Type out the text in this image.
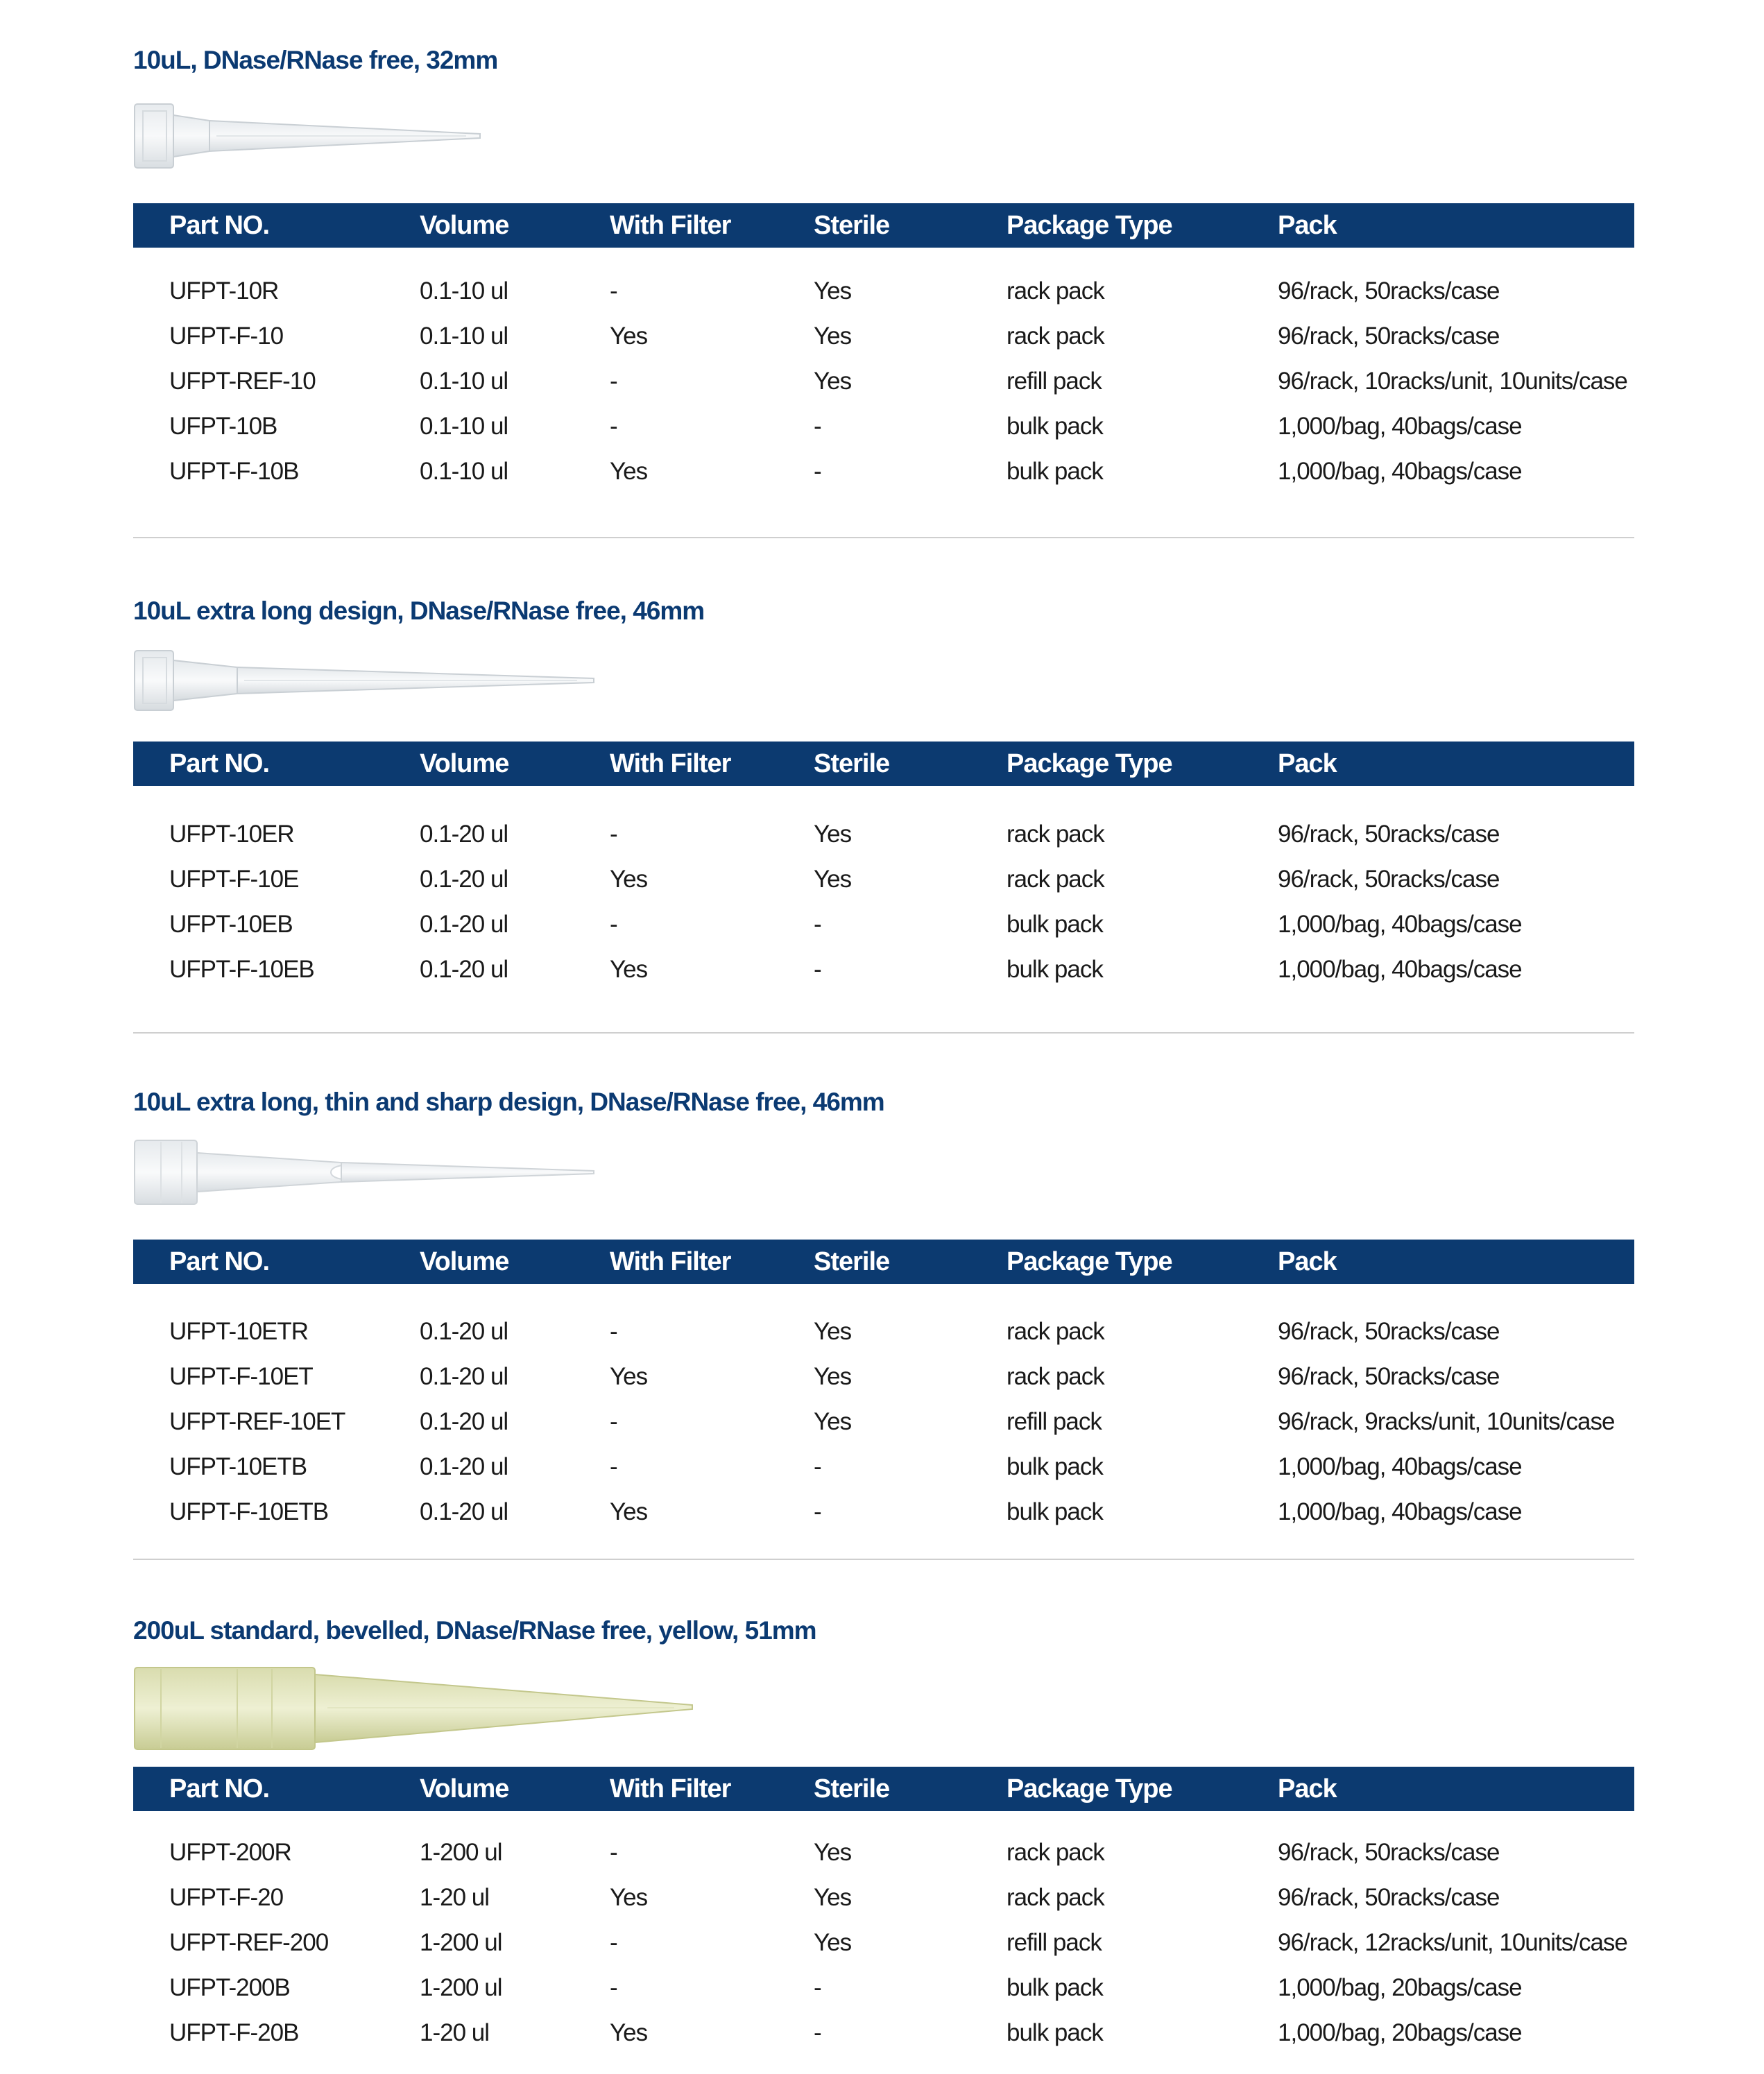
10uL, DNase/RNase free, 32mm
Part NO.	Volume	With Filter	Sterile	Package Type	Pack
UFPT-10R	0.1-10 ul	-	Yes	rack pack	96/rack, 50racks/case
UFPT-F-10	0.1-10 ul	Yes	Yes	rack pack	96/rack, 50racks/case
UFPT-REF-10	0.1-10 ul	-	Yes	refill pack	96/rack, 10racks/unit, 10units/case
UFPT-10B	0.1-10 ul	-	-	bulk pack	1,000/bag, 40bags/case
UFPT-F-10B	0.1-10 ul	Yes	-	bulk pack	1,000/bag, 40bags/case
10uL extra long design, DNase/RNase free, 46mm
Part NO.	Volume	With Filter	Sterile	Package Type	Pack
UFPT-10ER	0.1-20 ul	-	Yes	rack pack	96/rack, 50racks/case
UFPT-F-10E	0.1-20 ul	Yes	Yes	rack pack	96/rack, 50racks/case
UFPT-10EB	0.1-20 ul	-	-	bulk pack	1,000/bag, 40bags/case
UFPT-F-10EB	0.1-20 ul	Yes	-	bulk pack	1,000/bag, 40bags/case
10uL extra long, thin and sharp design, DNase/RNase free, 46mm
Part NO.	Volume	With Filter	Sterile	Package Type	Pack
UFPT-10ETR	0.1-20 ul	-	Yes	rack pack	96/rack, 50racks/case
UFPT-F-10ET	0.1-20 ul	Yes	Yes	rack pack	96/rack, 50racks/case
UFPT-REF-10ET	0.1-20 ul	-	Yes	refill pack	96/rack, 9racks/unit, 10units/case
UFPT-10ETB	0.1-20 ul	-	-	bulk pack	1,000/bag, 40bags/case
UFPT-F-10ETB	0.1-20 ul	Yes	-	bulk pack	1,000/bag, 40bags/case
200uL standard, bevelled, DNase/RNase free, yellow, 51mm
Part NO.	Volume	With Filter	Sterile	Package Type	Pack
UFPT-200R	1-200 ul	-	Yes	rack pack	96/rack, 50racks/case
UFPT-F-20	1-20 ul	Yes	Yes	rack pack	96/rack, 50racks/case
UFPT-REF-200	1-200 ul	-	Yes	refill pack	96/rack, 12racks/unit, 10units/case
UFPT-200B	1-200 ul	-	-	bulk pack	1,000/bag, 20bags/case
UFPT-F-20B	1-20 ul	Yes	-	bulk pack	1,000/bag, 20bags/case
